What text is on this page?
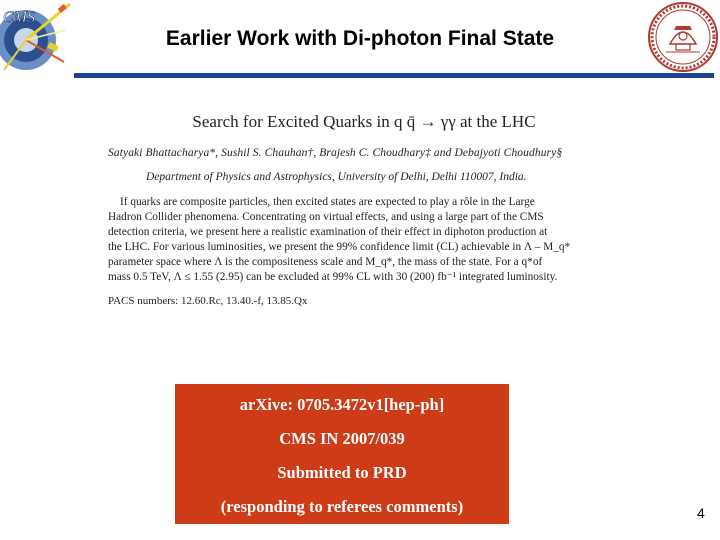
CMS
Earlier Work with Di-photon Final State
Search for Excited Quarks in q q̄ → γγ at the LHC
Satyaki Bhattacharya*, Sushil S. Chauhan†, Brajesh C. Choudhary‡ and Debajyoti Choudhury§
Department of Physics and Astrophysics, University of Delhi, Delhi 110007, India.
If quarks are composite particles, then excited states are expected to play a rôle in the Large
Hadron Collider phenomena. Concentrating on virtual effects, and using a large part of the CMS
detection criteria, we present here a realistic examination of their effect in diphoton production at
the LHC. For various luminosities, we present the 99% confidence limit (CL) achievable in Λ – M_q*
parameter space where Λ is the compositeness scale and M_q*, the mass of the state. For a q*of
mass 0.5 TeV, Λ ≤ 1.55 (2.95) can be excluded at 99% CL with 30 (200) fb⁻¹ integrated luminosity.
PACS numbers: 12.60.Rc, 13.40.-f, 13.85.Qx
arXive: 0705.3472v1[hep-ph]
CMS IN 2007/039
Submitted to PRD
(responding to referees comments)	4
